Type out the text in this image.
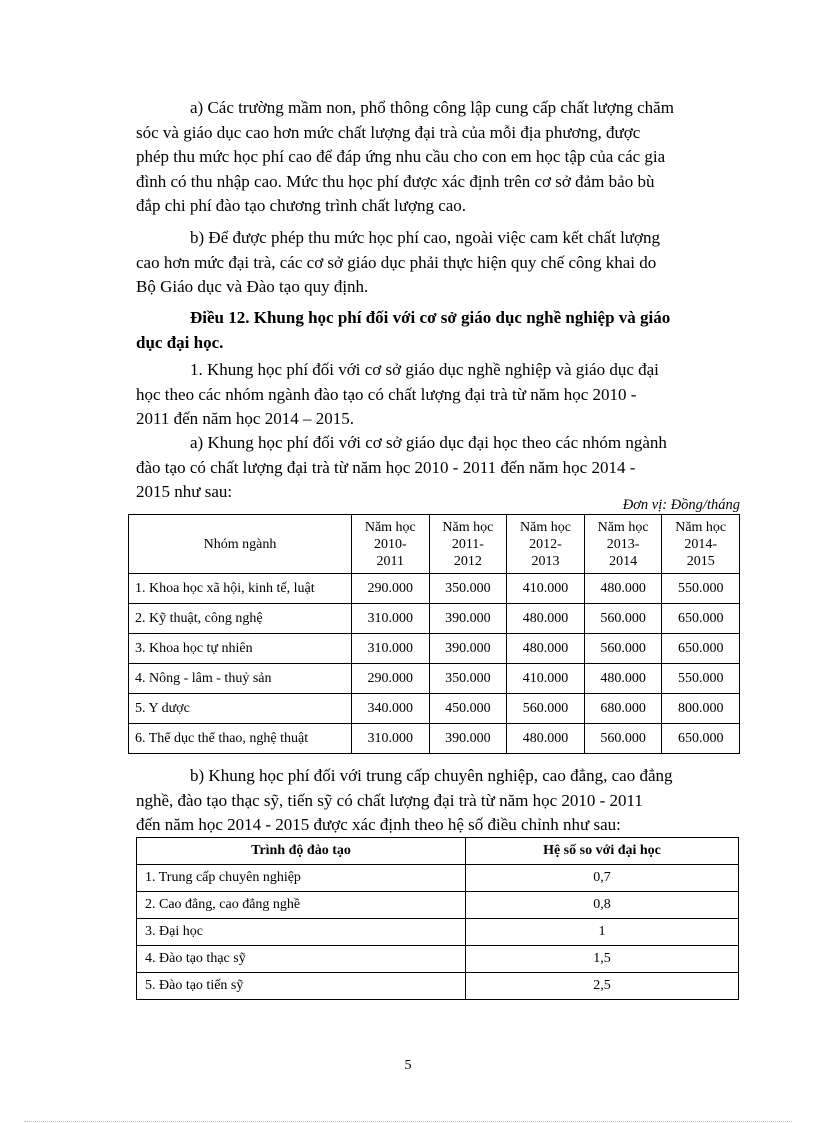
a) Các trường mầm non, phổ thông công lập cung cấp chất lượng chăm
sóc và giáo dục cao hơn mức chất lượng đại trà của mỗi địa phương, được
phép thu mức học phí cao để đáp ứng nhu cầu cho con em học tập của các gia
đình có thu nhập cao. Mức thu học phí được xác định trên cơ sở đảm bảo bù
đắp chi phí đào tạo chương trình chất lượng cao.
b) Để được phép thu mức học phí cao, ngoài việc cam kết chất lượng
cao hơn mức đại trà, các cơ sở giáo dục phải thực hiện quy chế công khai do
Bộ Giáo dục và Đào tạo quy định.
Điều 12. Khung học phí đối với cơ sở giáo dục nghề nghiệp và giáo
dục đại học.
1. Khung học phí đối với cơ sở giáo dục nghề nghiệp và giáo dục đại
học theo các nhóm ngành đào tạo có chất lượng đại trà từ năm học 2010 -
2011 đến năm học 2014 – 2015.
a) Khung học phí đối với cơ sở giáo dục đại học theo các nhóm ngành
đào tạo có chất lượng đại trà từ năm học 2010 - 2011 đến năm học 2014 -
2015 như sau:
Đơn vị: Đồng/tháng
Nhóm ngành	Năm học
2010-
2011	Năm học
2011-
2012	Năm học
2012-
2013	Năm học
2013-
2014	Năm học
2014-
2015
1. Khoa học xã hội, kinh tế, luật	290.000	350.000	410.000	480.000	550.000
2. Kỹ thuật, công nghệ	310.000	390.000	480.000	560.000	650.000
3. Khoa học tự nhiên	310.000	390.000	480.000	560.000	650.000
4. Nông - lâm - thuỷ sản	290.000	350.000	410.000	480.000	550.000
5. Y dược	340.000	450.000	560.000	680.000	800.000
6. Thể dục thể thao, nghệ thuật	310.000	390.000	480.000	560.000	650.000
b) Khung học phí đối với trung cấp chuyên nghiệp, cao đẳng, cao đẳng
nghề, đào tạo thạc sỹ, tiến sỹ có chất lượng đại trà từ năm học 2010 - 2011
đến năm học 2014 - 2015 được xác định theo hệ số điều chỉnh như sau:
Trình độ đào tạo	Hệ số so với đại học
1. Trung cấp chuyên nghiệp	0,7
2. Cao đẳng, cao đẳng nghề	0,8
3. Đại học	1
4. Đào tạo thạc sỹ	1,5
5. Đào tạo tiến sỹ	2,5
5
